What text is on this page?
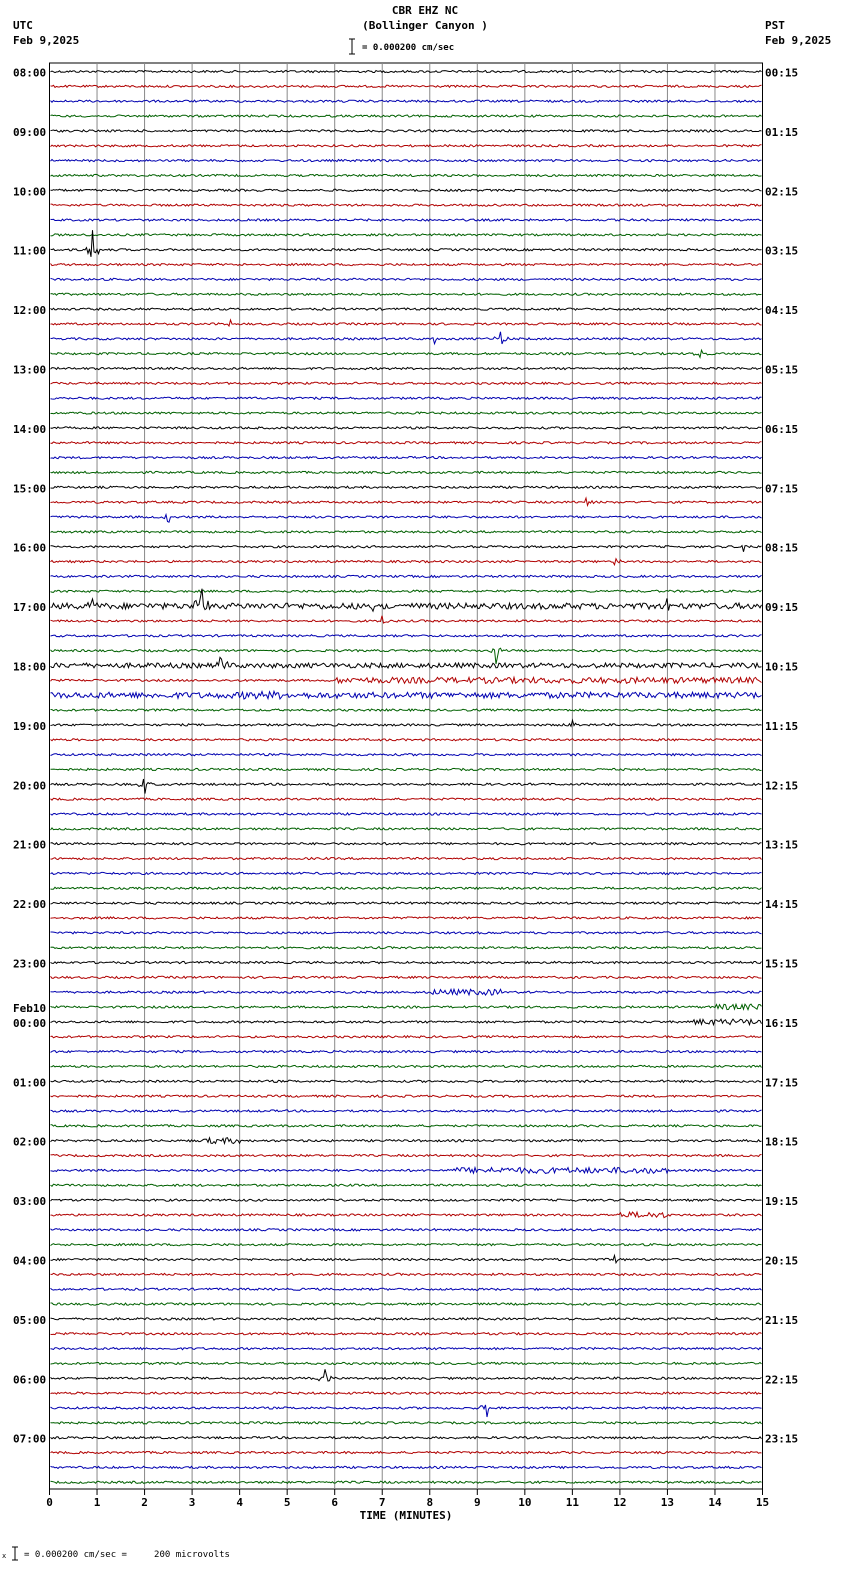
CBR EHZ NC
(Bollinger Canyon )
UTC
Feb 9,2025
PST
Feb 9,2025
= 0.000200 cm/sec
08:00
09:00
10:00
11:00
12:00
13:00
14:00
15:00
16:00
17:00
18:00
19:00
20:00
21:00
22:00
23:00
00:00
Feb10
01:00
02:00
03:00
04:00
05:00
06:00
07:00
00:15
01:15
02:15
03:15
04:15
05:15
06:15
07:15
08:15
09:15
10:15
11:15
12:15
13:15
14:15
15:15
16:15
17:15
18:15
19:15
20:15
21:15
22:15
23:15
0	1	2	3	4	5	6	7	8	9	10	11	12	13	14	15
TIME (MINUTES)
x = 0.000200 cm/sec =     200 microvolts
